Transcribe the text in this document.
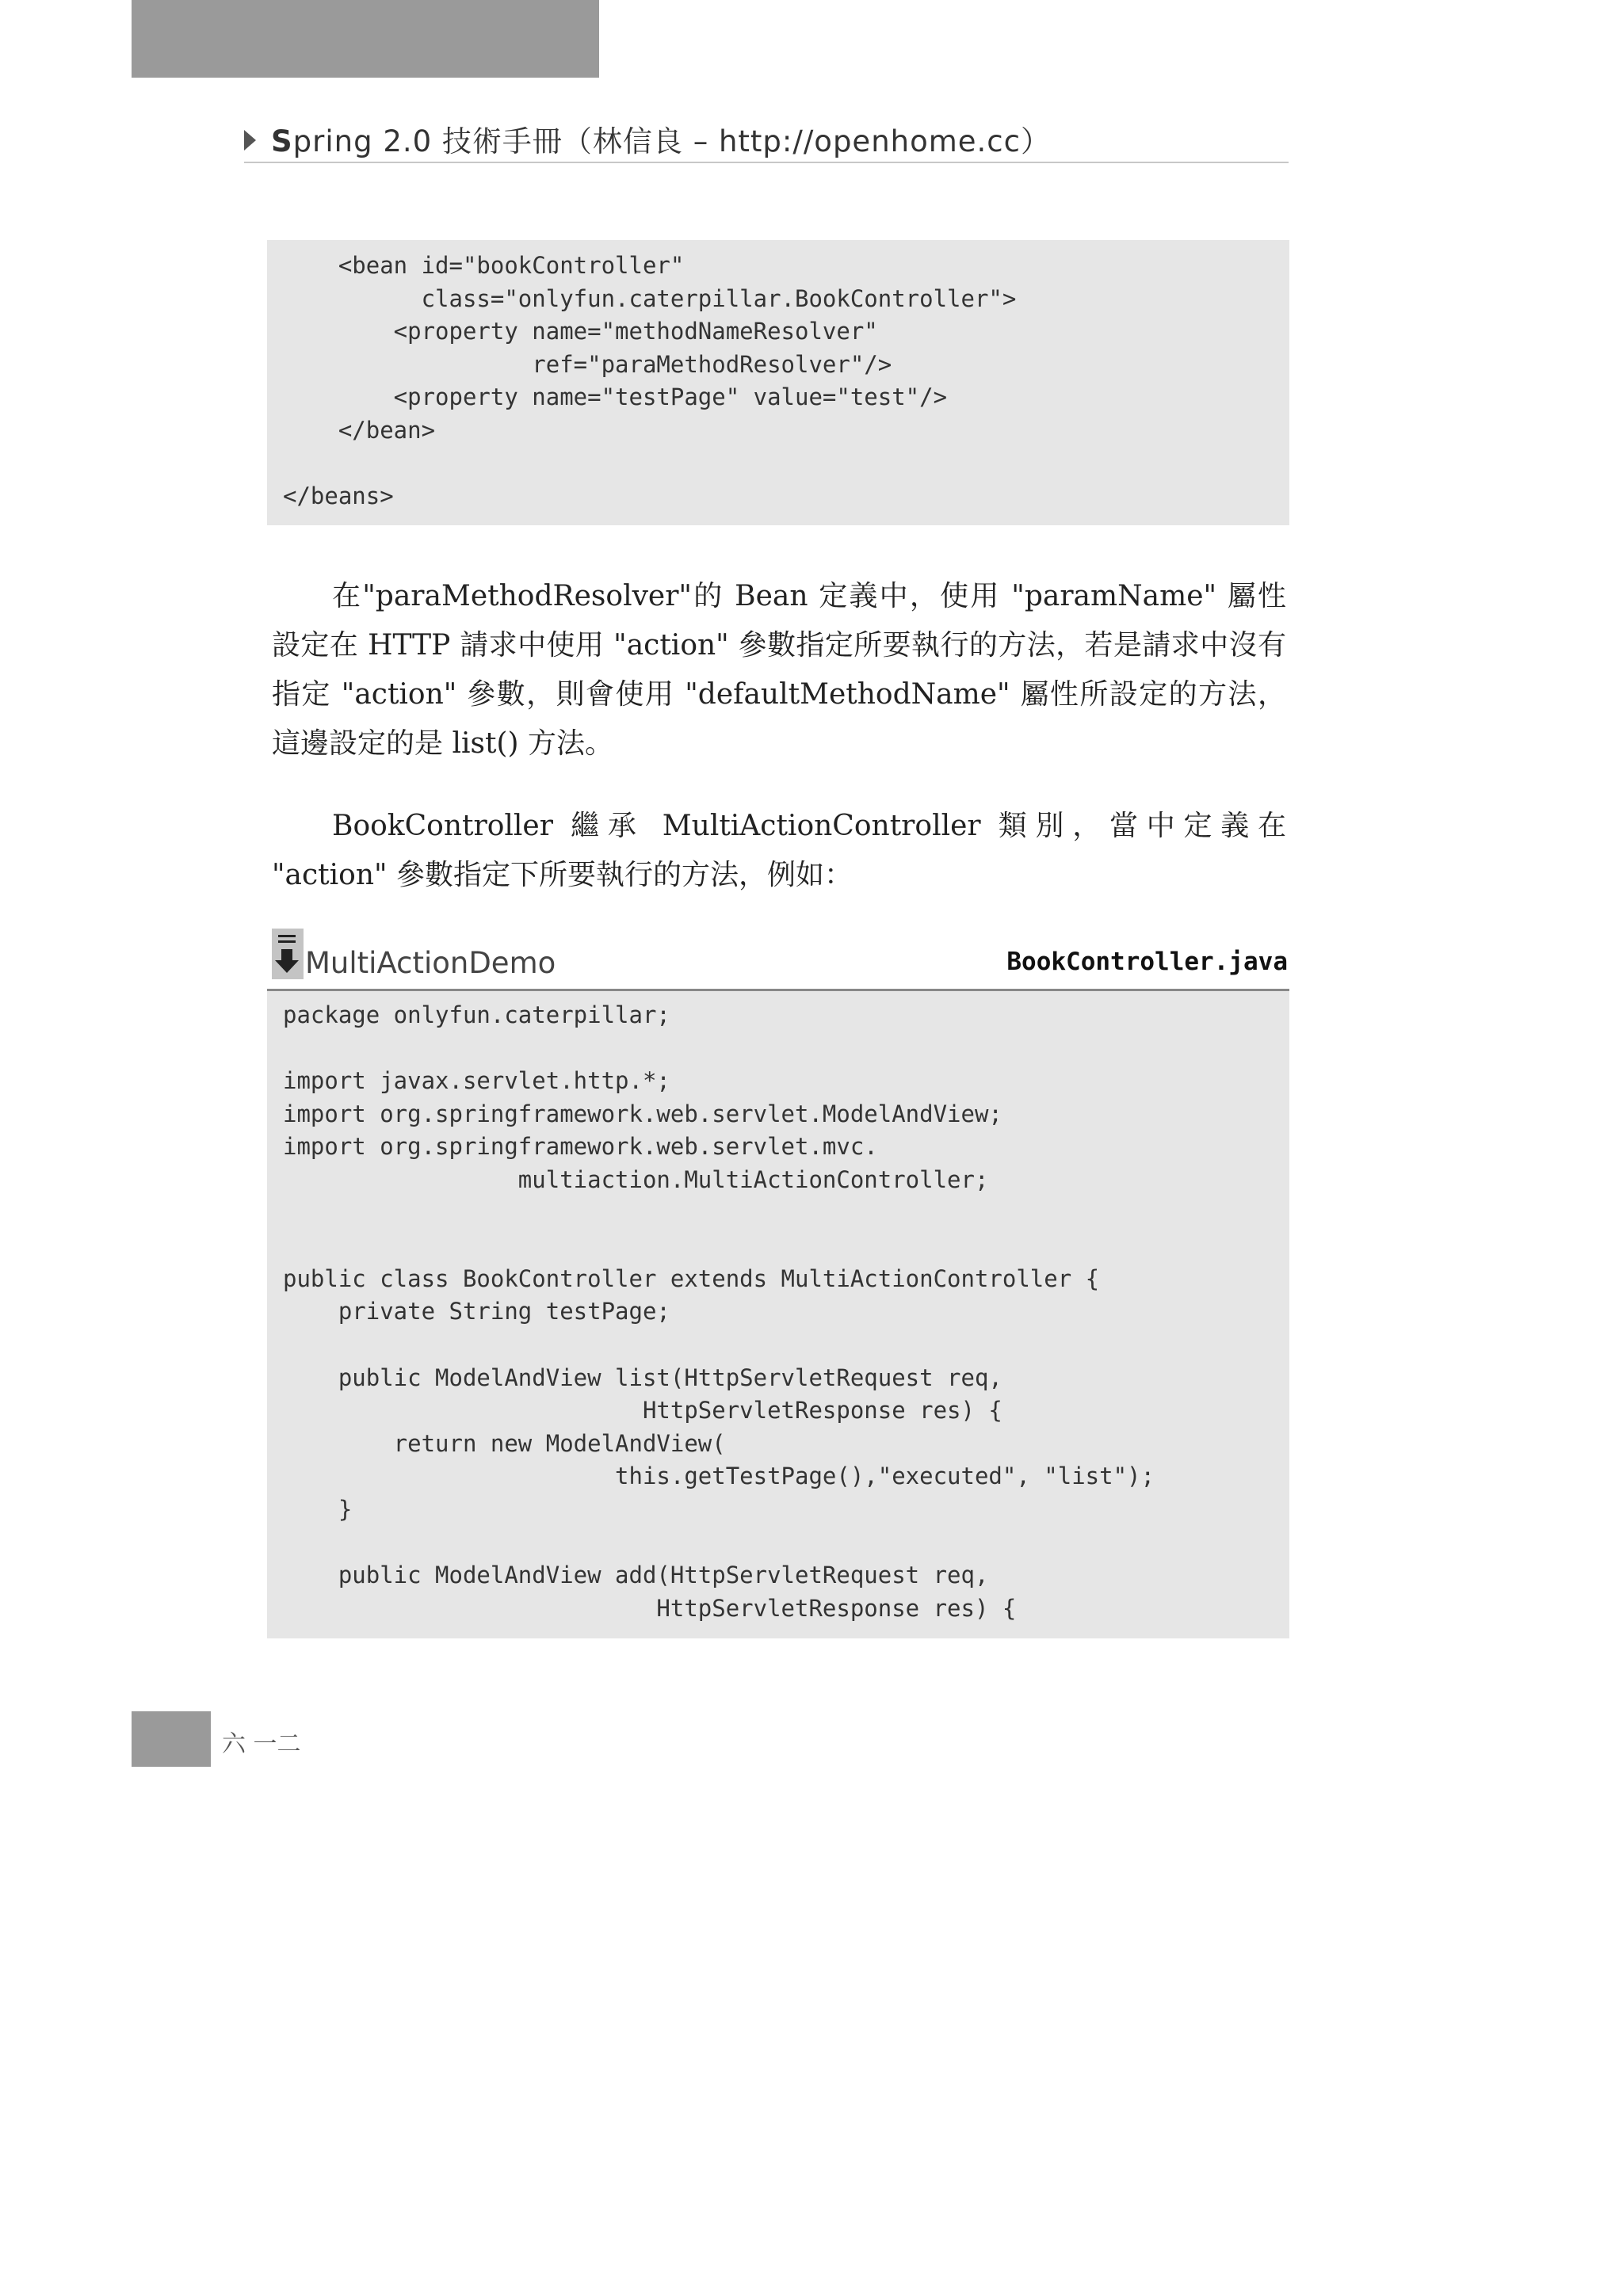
Spring 2.0 技術手冊（林信良 – http://openhome.cc）
<bean id="bookController"
class="onlyfun.caterpillar.BookController">
<property name="methodNameResolver"
ref="paraMethodResolver"/>
<property name="testPage" value="test"/>
</bean>

</beans>
在"paraMethodResolver"的 Bean 定義中，使用 "paramName" 屬性設定在 HTTP 請求中使用 "action" 參數指定所要執行的方法，若是請求中沒有指定 "action" 參數，則會使用 "defaultMethodName" 屬性所設定的方法，這邊設定的是 list() 方法。
BookController 繼承 MultiActionController 類別，當中定義在 "action" 參數指定下所要執行的方法，例如：
MultiActionDemo	BookController.java
package onlyfun.caterpillar;

import javax.servlet.http.*;
import org.springframework.web.servlet.ModelAndView;
import org.springframework.web.servlet.mvc.
multiaction.MultiActionController;

public class BookController extends MultiActionController {
private String testPage;

public ModelAndView list(HttpServletRequest req,
HttpServletResponse res) {
return new ModelAndView(
this.getTestPage(),"executed", "list");
}

public ModelAndView add(HttpServletRequest req,
HttpServletResponse res) {
六 一二
